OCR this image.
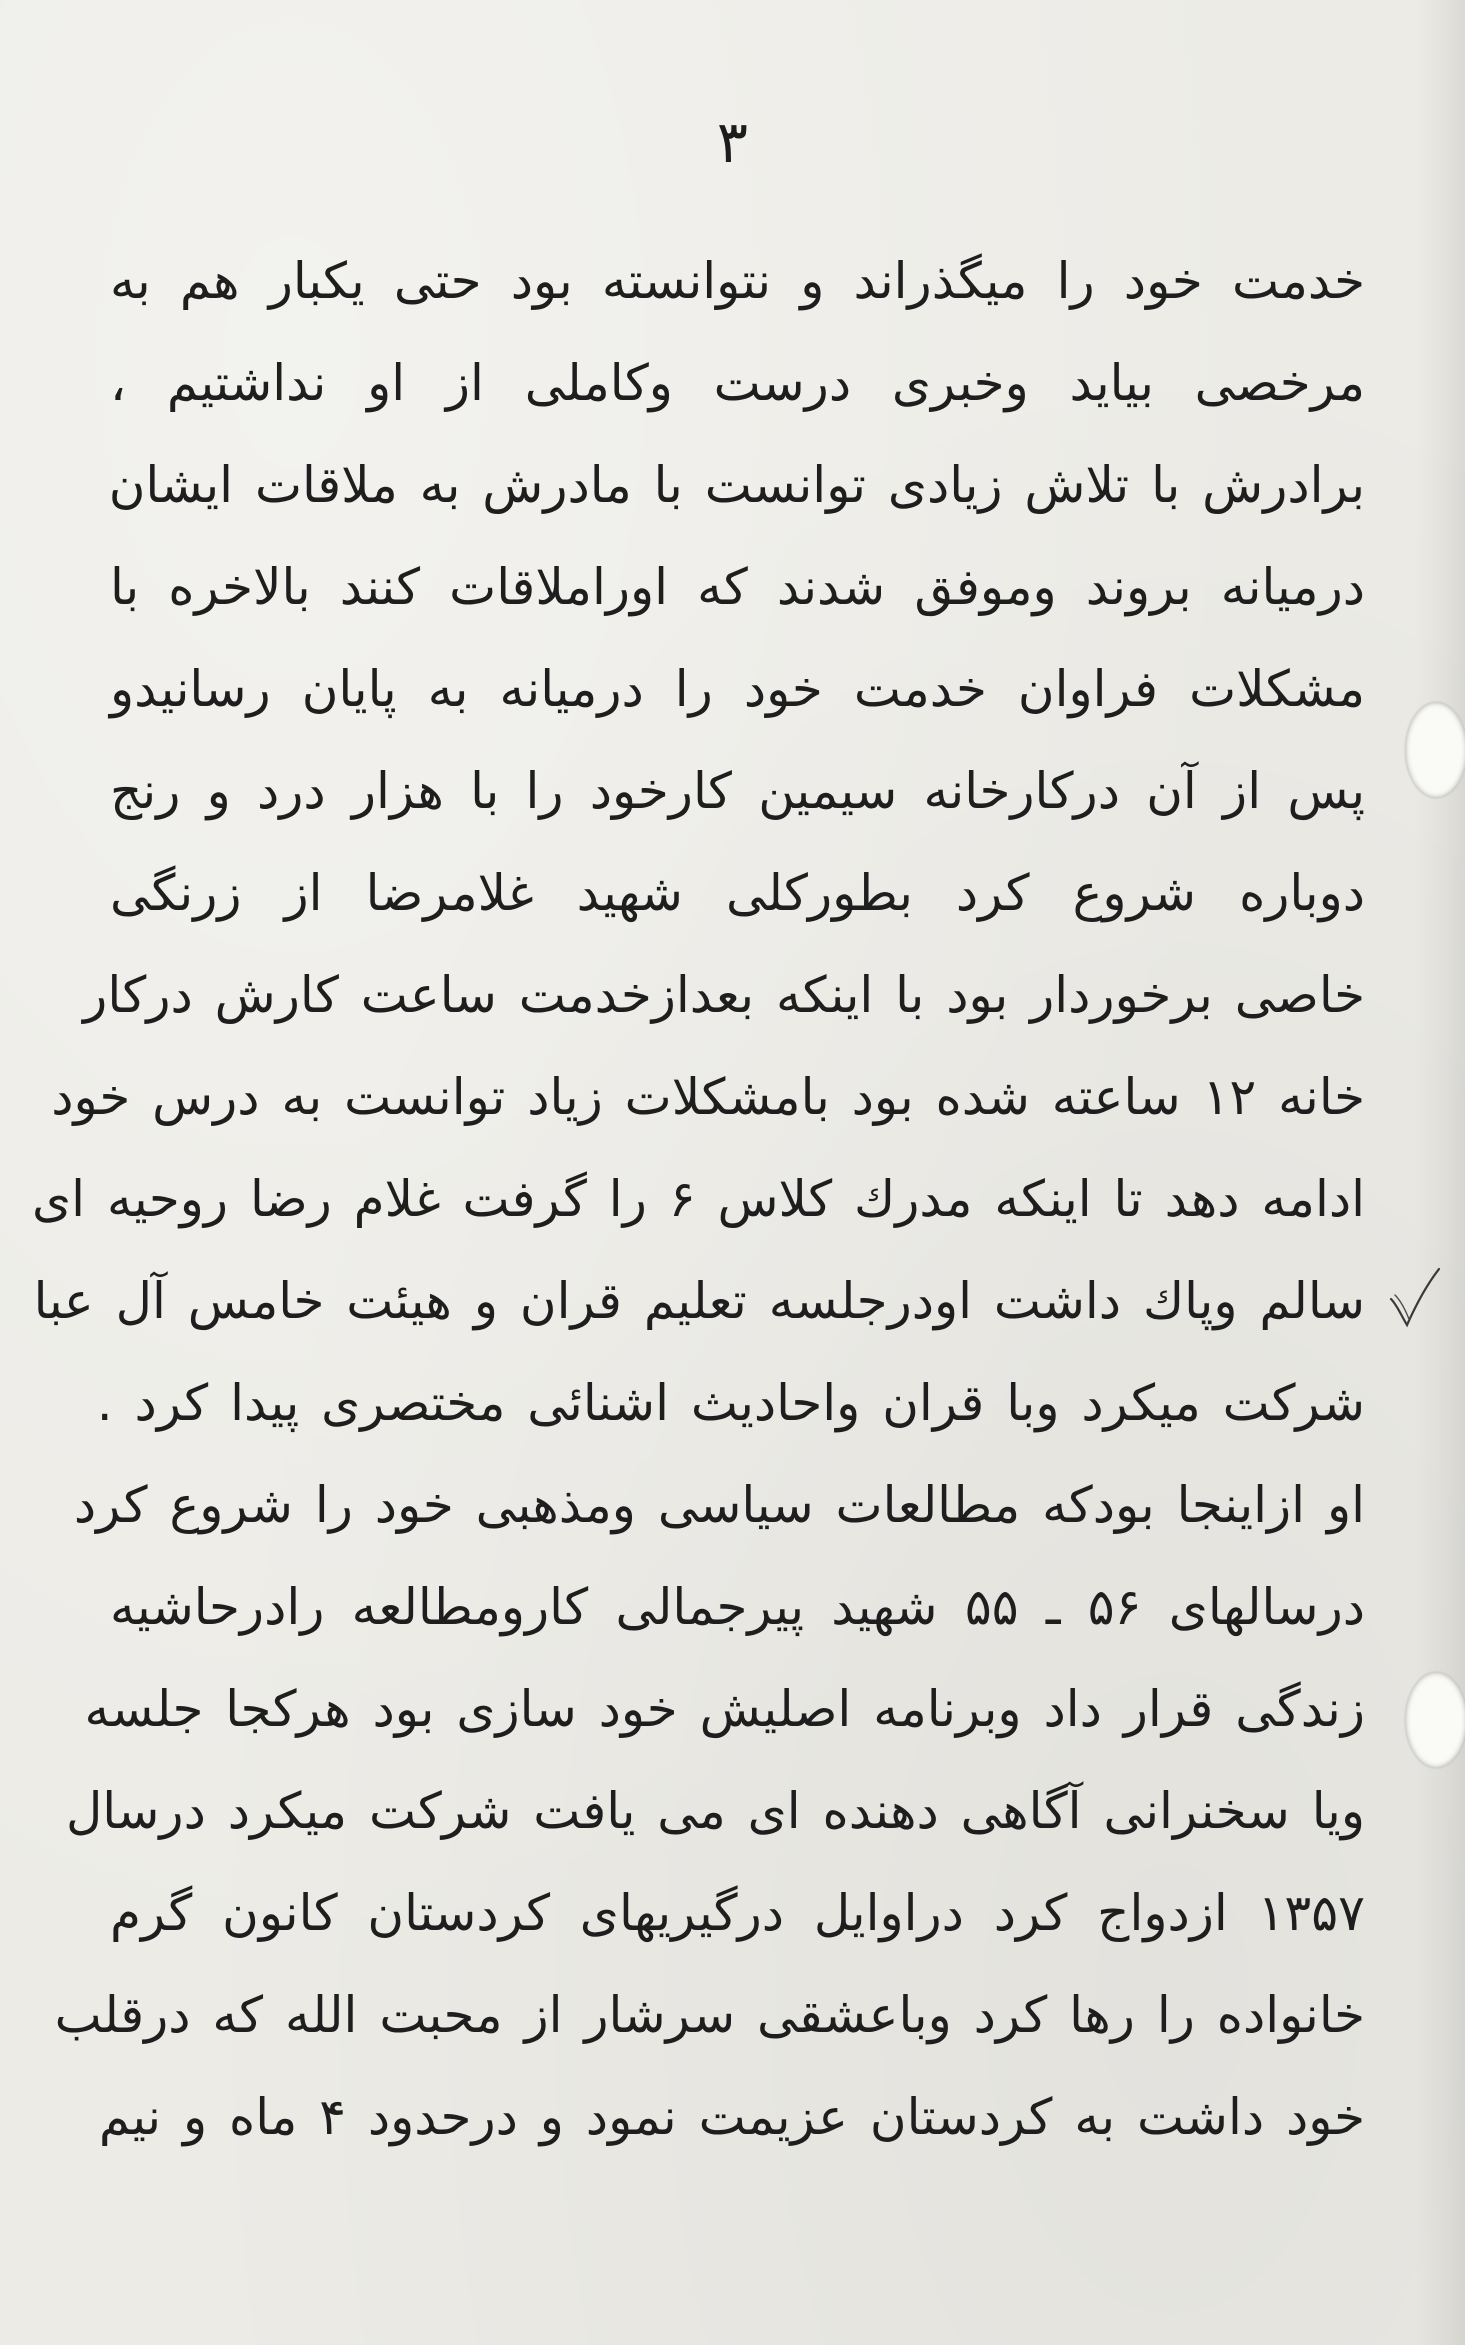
۳
خدمت خود را میگذراند و نتوانسته بود حتی یکبار هم به
مرخصی بیاید وخبری درست وکاملی از او نداشتیم ،
برادرش با تلاش زیادی توانست با مادرش به ملاقات ایشان
درمیانه بروند وموفق شدند که اوراملاقات کنند بالاخره با
مشکلات فراوان خدمت خود را درمیانه به پایان رسانیدو
پس از آن درکارخانه سیمین کارخود را با هزار درد و رنج
دوباره شروع کرد بطورکلی شهید غلامرضا از زرنگی
خاصی برخوردار بود با اینکه بعدازخدمت ساعت کارش درکار
خانه ۱۲ ساعته شده بود بامشکلات زیاد توانست به درس خود
ادامه دهد تا اینکه مدرك کلاس ۶ را گرفت غلام رضا روحیه ای
سالم وپاك داشت اودرجلسه تعلیم قران و هیئت خامس آل عبا
شرکت میکرد وبا قران واحادیث اشنائی مختصری پیدا کرد .
او ازاینجا بودکه مطالعات سیاسی ومذهبی خود را شروع کرد
درسالهای ۵۶ ـ ۵۵ شهید پیرجمالی کارومطالعه رادرحاشیه
زندگی قرار داد وبرنامه اصلیش خود سازی بود هرکجا جلسه
ویا سخنرانی آگاهی دهنده ای می یافت شرکت میکرد درسال
۱۳۵۷ ازدواج کرد دراوایل درگیریهای کردستان کانون گرم
خانواده را رها کرد وباعشقی سرشار از محبت الله که درقلب
خود داشت به کردستان عزیمت نمود و درحدود ۴ ماه و نیم
